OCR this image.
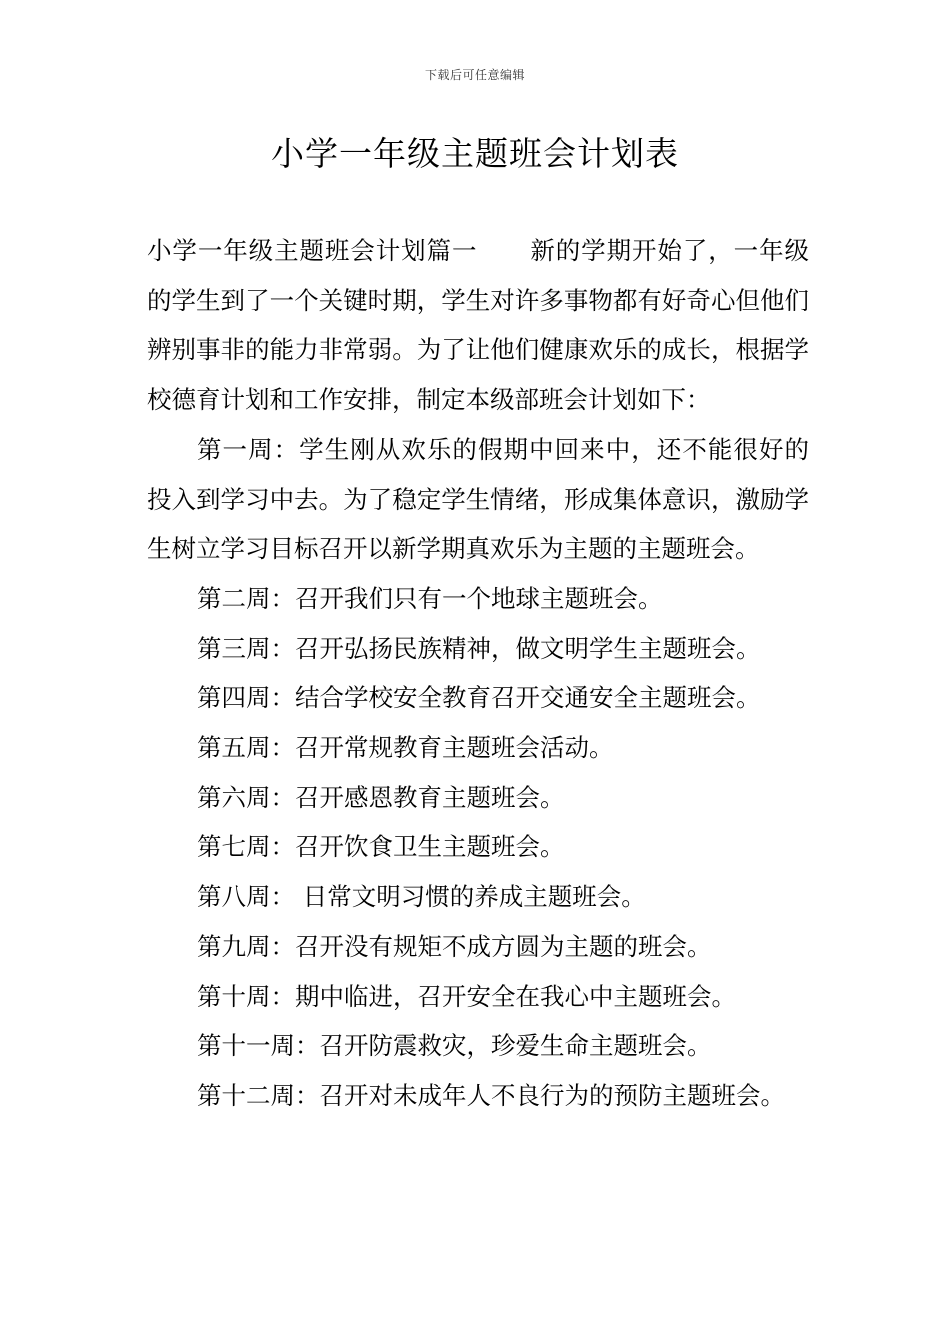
下载后可任意编辑
小学一年级主题班会计划表

小学一年级主题班会计划篇一 新的学期开始了，一年级的学生到了一个关键时期，学生对许多事物都有好奇心但他们辨别事非的能力非常弱。为了让他们健康欢乐的成长，根据学校德育计划和工作安排，制定本级部班会计划如下：

第一周：学生刚从欢乐的假期中回来中，还不能很好的投入到学习中去。为了稳定学生情绪，形成集体意识，激励学生树立学习目标召开以新学期真欢乐为主题的主题班会。

第二周：召开我们只有一个地球主题班会。

第三周：召开弘扬民族精神，做文明学生主题班会。

第四周：结合学校安全教育召开交通安全主题班会。

第五周：召开常规教育主题班会活动。

第六周：召开感恩教育主题班会。

第七周：召开饮食卫生主题班会。

第八周： 日常文明习惯的养成主题班会。

第九周：召开没有规矩不成方圆为主题的班会。

第十周：期中临进，召开安全在我心中主题班会。

第十一周：召开防震救灾，珍爱生命主题班会。

第十二周：召开对未成年人不良行为的预防主题班会。
